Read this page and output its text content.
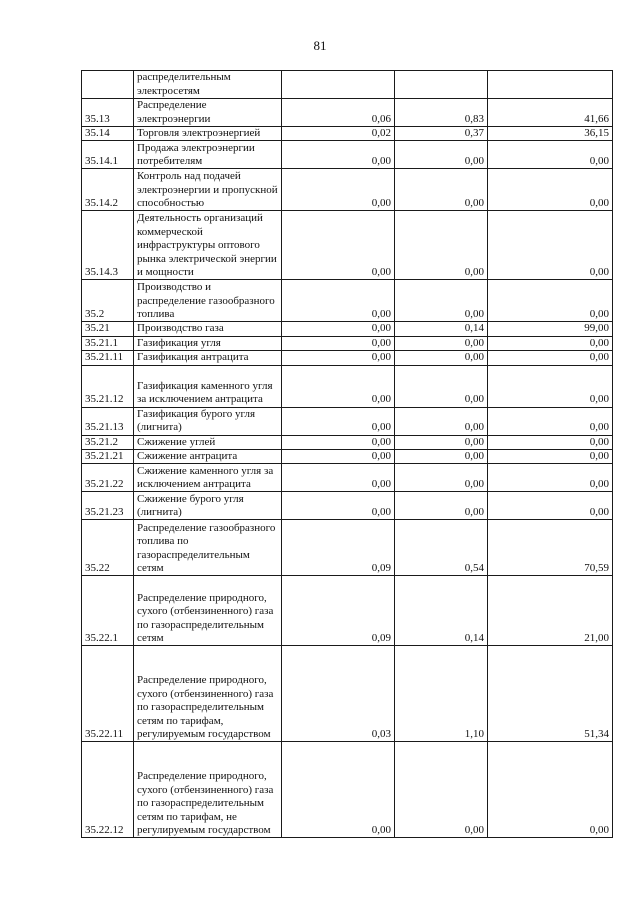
81
	распределительным электросетям			
35.13	Распределение электроэнергии	0,06	0,83	41,66
35.14	Торговля электроэнергией	0,02	0,37	36,15
35.14.1	Продажа электроэнергии потребителям	0,00	0,00	0,00
35.14.2	Контроль над подачей электроэнергии и пропускной способностью	0,00	0,00	0,00
35.14.3	Деятельность организаций коммерческой инфраструктуры оптового рынка электрической энергии и мощности	0,00	0,00	0,00
35.2	Производство и распределение газообразного топлива	0,00	0,00	0,00
35.21	Производство газа	0,00	0,14	99,00
35.21.1	Газификация угля	0,00	0,00	0,00
35.21.11	Газификация антрацита	0,00	0,00	0,00
35.21.12	Газификация каменного угля за исключением антрацита	0,00	0,00	0,00
35.21.13	Газификация бурого угля (лигнита)	0,00	0,00	0,00
35.21.2	Сжижение углей	0,00	0,00	0,00
35.21.21	Сжижение антрацита	0,00	0,00	0,00
35.21.22	Сжижение каменного угля за исключением антрацита	0,00	0,00	0,00
35.21.23	Сжижение бурого угля (лигнита)	0,00	0,00	0,00
35.22	Распределение газообразного топлива по газораспределительным сетям	0,09	0,54	70,59
35.22.1	Распределение природного, сухого (отбензиненного) газа по газораспределительным сетям	0,09	0,14	21,00
35.22.11	Распределение природного, сухого (отбензиненного) газа по газораспределительным сетям по тарифам, регулируемым государством	0,03	1,10	51,34
35.22.12	Распределение природного, сухого (отбензиненного) газа по газораспределительным сетям по тарифам, не регулируемым государством	0,00	0,00	0,00
